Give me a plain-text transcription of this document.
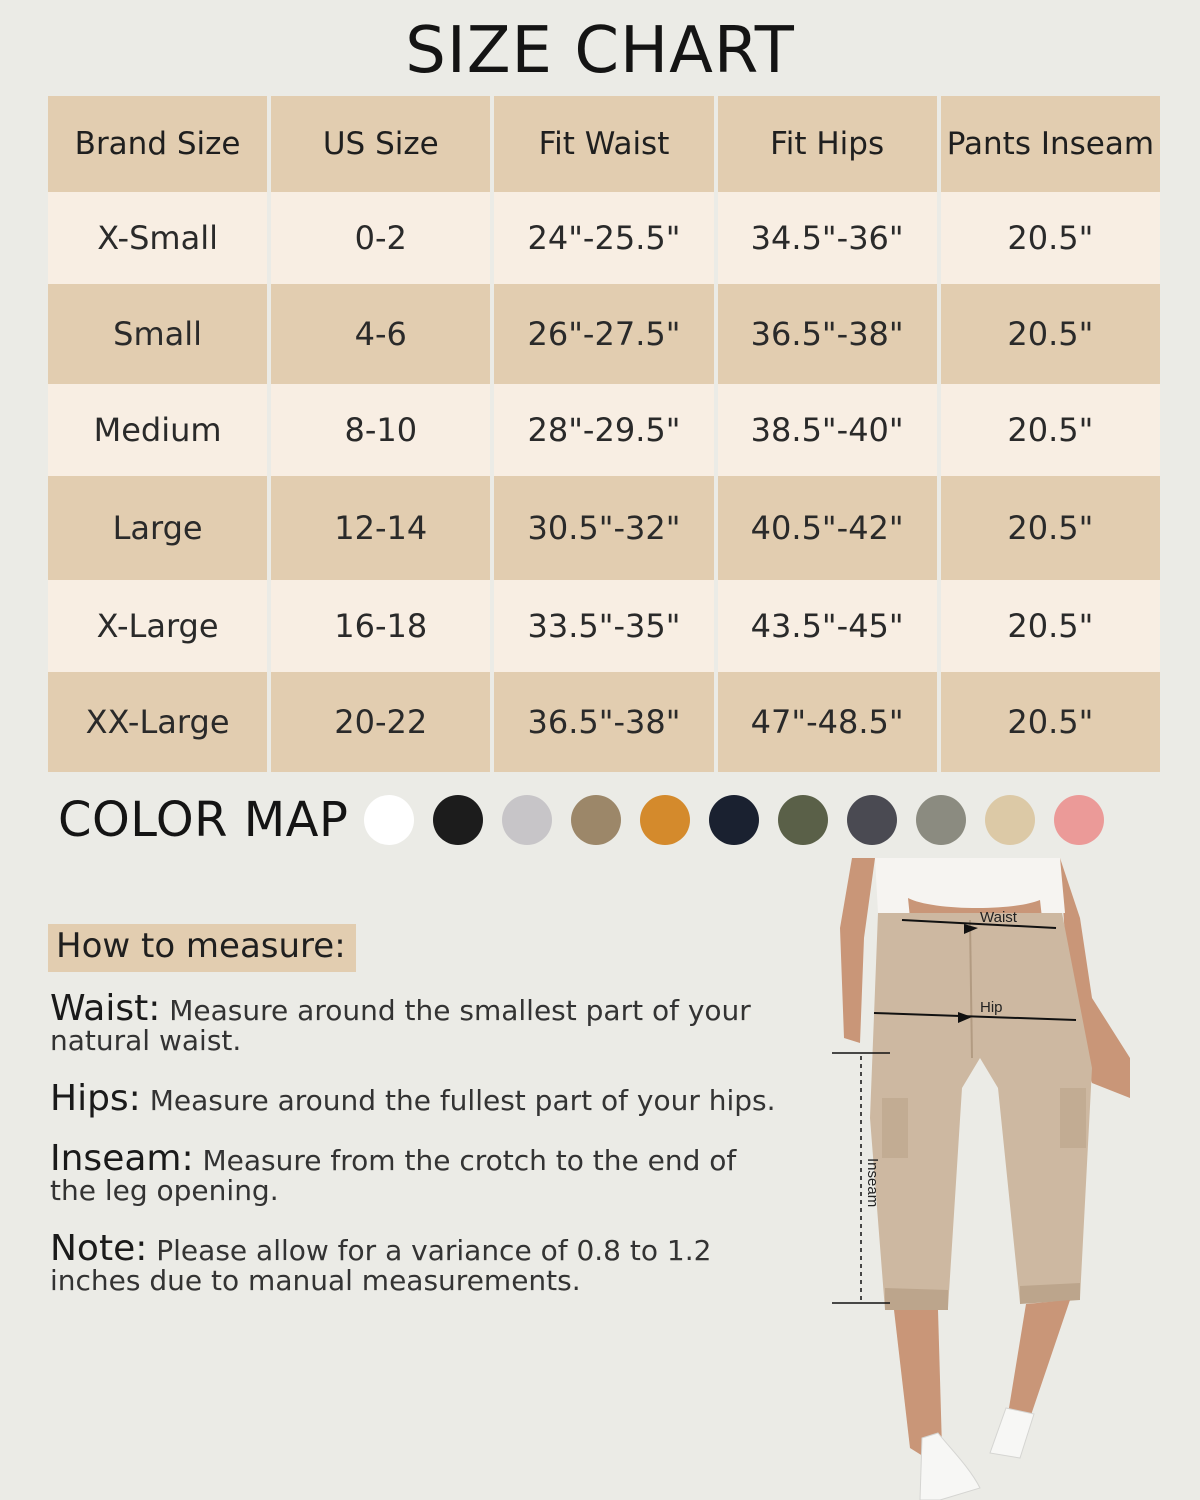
SIZE CHART
Brand Size	US Size	Fit Waist	Fit Hips	Pants Inseam
X-Small	0-2	24"-25.5"	34.5"-36"	20.5"
Small	4-6	26"-27.5"	36.5"-38"	20.5"
Medium	8-10	28"-29.5"	38.5"-40"	20.5"
Large	12-14	30.5"-32"	40.5"-42"	20.5"
X-Large	16-18	33.5"-35"	43.5"-45"	20.5"
XX-Large	20-22	36.5"-38"	47"-48.5"	20.5"
COLOR MAP
How to measure:
Waist: Measure around the smallest part of your natural waist.
Hips: Measure around the fullest part of your hips.
Inseam: Measure from the crotch to the end of the leg opening.
Note: Please allow for a variance of 0.8 to 1.2 inches due to manual measurements.
Waist
Hip
Inseam
